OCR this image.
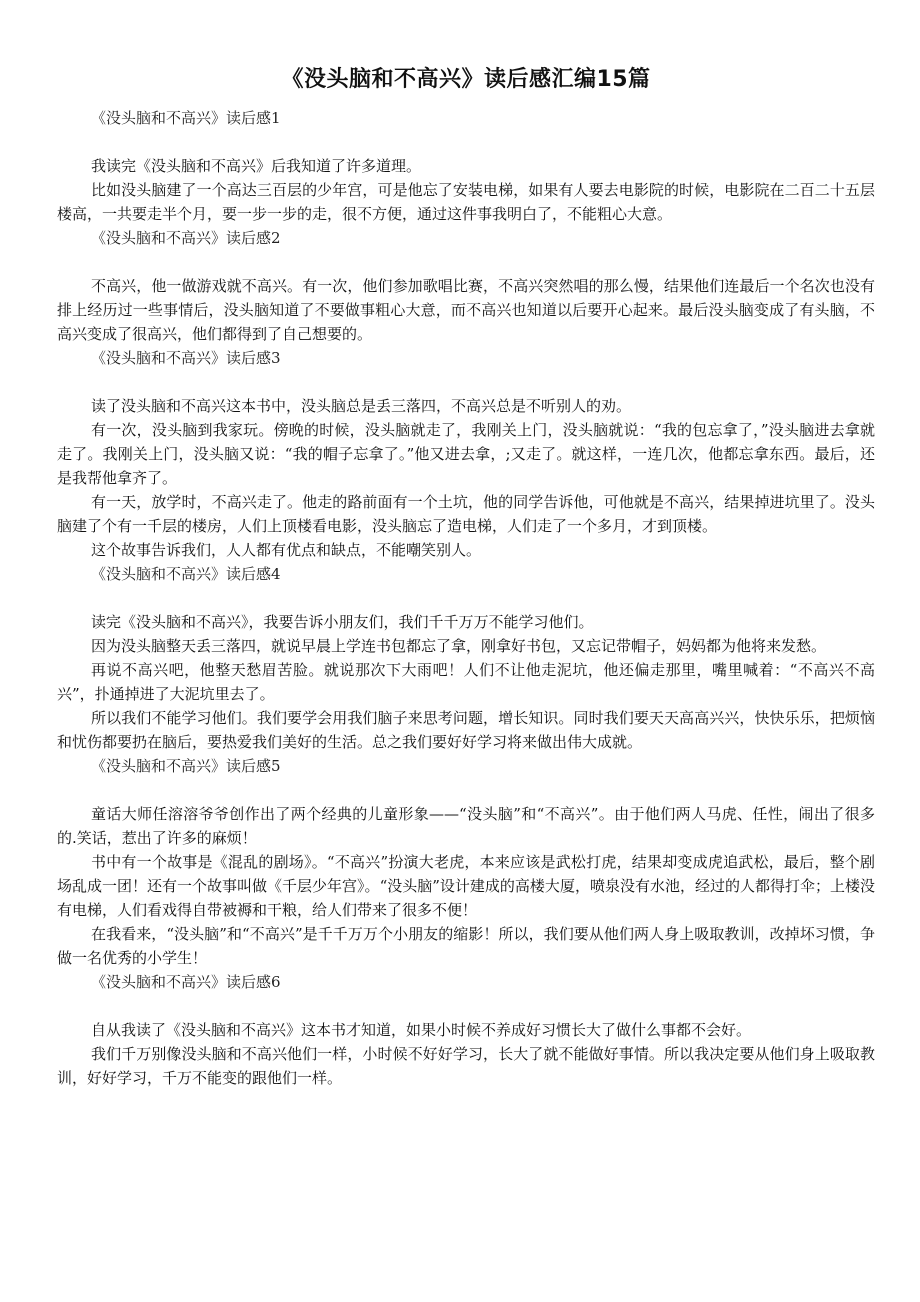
《没头脑和不高兴》读后感汇编15篇

《没头脑和不高兴》读后感1

我读完《没头脑和不高兴》后我知道了许多道理。

比如没头脑建了一个高达三百层的少年宫，可是他忘了安装电梯，如果有人要去电影院的时候，电影院在二百二十五层楼高，一共要走半个月，要一步一步的走，很不方便，通过这件事我明白了，不能粗心大意。

《没头脑和不高兴》读后感2

不高兴，他一做游戏就不高兴。有一次，他们参加歌唱比赛，不高兴突然唱的那么慢，结果他们连最后一个名次也没有排上经历过一些事情后，没头脑知道了不要做事粗心大意，而不高兴也知道以后要开心起来。最后没头脑变成了有头脑，不高兴变成了很高兴，他们都得到了自己想要的。

《没头脑和不高兴》读后感3

读了没头脑和不高兴这本书中，没头脑总是丢三落四，不高兴总是不听别人的劝。

有一次，没头脑到我家玩。傍晚的时候，没头脑就走了，我刚关上门，没头脑就说：“我的包忘拿了，”没头脑进去拿就走了。我刚关上门，没头脑又说：“我的帽子忘拿了。”他又进去拿，;又走了。就这样，一连几次，他都忘拿东西。最后，还是我帮他拿齐了。

有一天，放学时，不高兴走了。他走的路前面有一个土坑，他的同学告诉他，可他就是不高兴，结果掉进坑里了。没头脑建了个有一千层的楼房，人们上顶楼看电影，没头脑忘了造电梯，人们走了一个多月，才到顶楼。

这个故事告诉我们，人人都有优点和缺点，不能嘲笑别人。

《没头脑和不高兴》读后感4

读完《没头脑和不高兴》，我要告诉小朋友们，我们千千万万不能学习他们。

因为没头脑整天丢三落四，就说早晨上学连书包都忘了拿，刚拿好书包，又忘记带帽子，妈妈都为他将来发愁。

再说不高兴吧，他整天愁眉苦脸。就说那次下大雨吧！人们不让他走泥坑，他还偏走那里，嘴里喊着：“不高兴不高兴”，扑通掉进了大泥坑里去了。

所以我们不能学习他们。我们要学会用我们脑子来思考问题，增长知识。同时我们要天天高高兴兴，快快乐乐，把烦恼和忧伤都要扔在脑后，要热爱我们美好的生活。总之我们要好好学习将来做出伟大成就。

《没头脑和不高兴》读后感5

童话大师任溶溶爷爷创作出了两个经典的儿童形象——“没头脑”和“不高兴”。由于他们两人马虎、任性，闹出了很多的.笑话，惹出了许多的麻烦！

书中有一个故事是《混乱的剧场》。“不高兴”扮演大老虎，本来应该是武松打虎，结果却变成虎追武松，最后，整个剧场乱成一团！还有一个故事叫做《千层少年宫》。“没头脑”设计建成的高楼大厦，喷泉没有水池，经过的人都得打伞；上楼没有电梯，人们看戏得自带被褥和干粮，给人们带来了很多不便！

在我看来，“没头脑”和“不高兴”是千千万万个小朋友的缩影！所以，我们要从他们两人身上吸取教训，改掉坏习惯，争做一名优秀的小学生！

《没头脑和不高兴》读后感6

自从我读了《没头脑和不高兴》这本书才知道，如果小时候不养成好习惯长大了做什么事都不会好。

我们千万别像没头脑和不高兴他们一样，小时候不好好学习，长大了就不能做好事情。所以我决定要从他们身上吸取教训，好好学习，千万不能变的跟他们一样。
